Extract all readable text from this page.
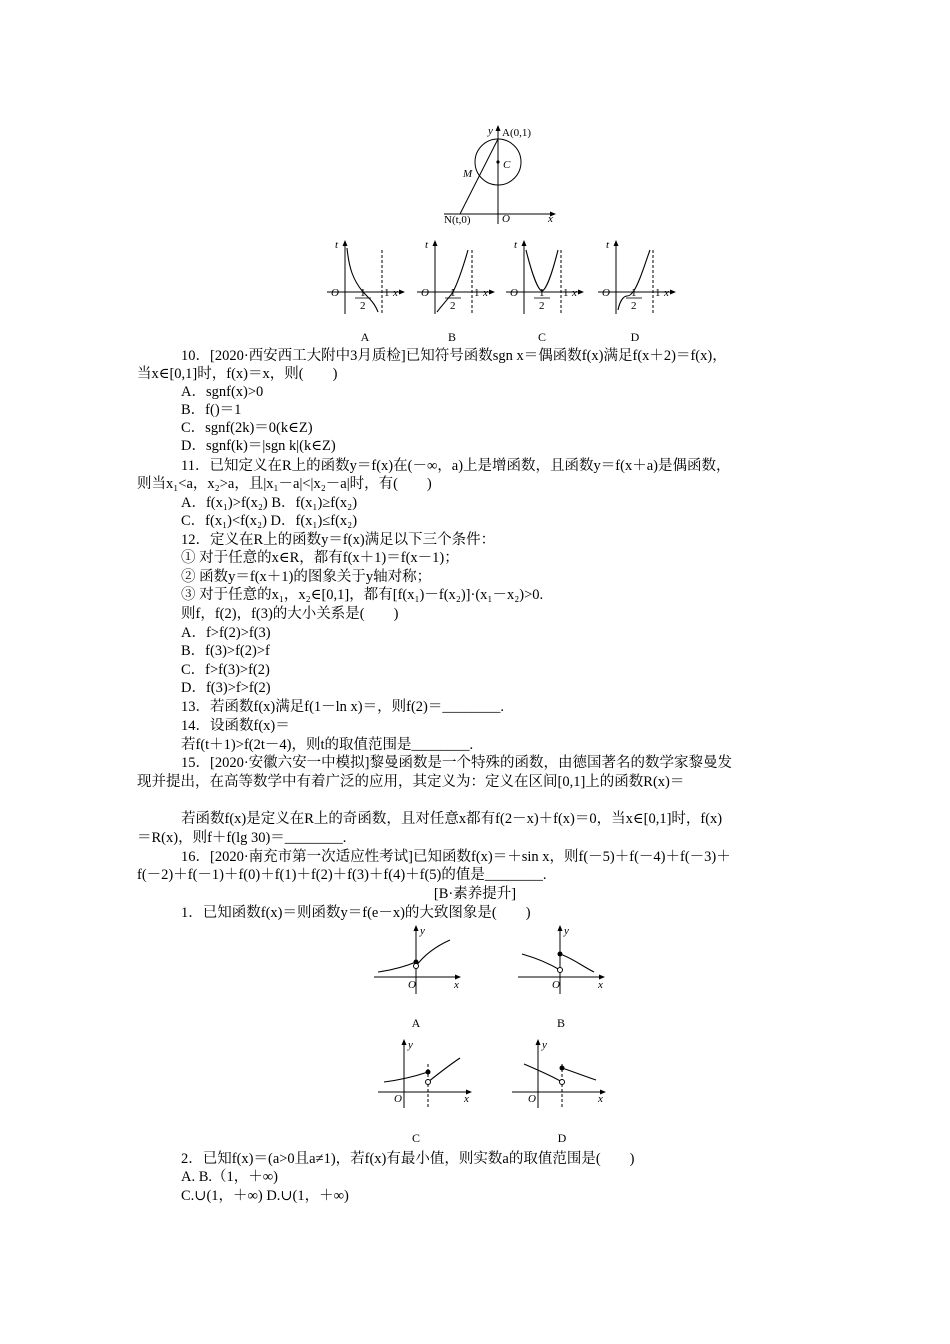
y A(0,1)
C
M
N(t,0)	O	x
t
O 1
2
1 x
A
t
O 1
2
1 x
B
t
O 1
2
1 x
C
t
O 1
2
1 x
D
10．[2020·西安西工大附中3月质检]已知符号函数sgn x＝偶函数f(x)满足f(x＋2)＝f(x)，
当x∈[0,1]时，f(x)＝x，则(　　)
A．sgnf(x)>0
B．f()＝1
C．sgnf(2k)＝0(k∈Z)
D．sgnf(k)＝|sgn k|(k∈Z)
11．已知定义在R上的函数y＝f(x)在(－∞，a)上是增函数，且函数y＝f(x＋a)是偶函数，
则当x₁<a，x₂>a，且|x₁－a|<|x₂－a|时，有(　　)
A．f(x₁)>f(x₂) B．f(x₁)≥f(x₂)
C．f(x₁)<f(x₂) D．f(x₁)≤f(x₂)
12．定义在R上的函数y＝f(x)满足以下三个条件：
① 对于任意的x∈R，都有f(x＋1)＝f(x－1)；
② 函数y＝f(x＋1)的图象关于y轴对称；
③ 对于任意的x₁，x₂∈[0,1]，都有[f(x₁)－f(x₂)]·(x₁－x₂)>0.
则f，f(2)，f(3)的大小关系是(　　)
A．f>f(2)>f(3)
B．f(3)>f(2)>f
C．f>f(3)>f(2)
D．f(3)>f>f(2)
13．若函数f(x)满足f(1－ln x)＝，则f(2)＝________.
14．设函数f(x)＝
若f(t＋1)>f(2t－4)，则t的取值范围是________.
15．[2020·安徽六安一中模拟]黎曼函数是一个特殊的函数，由德国著名的数学家黎曼发
现并提出，在高等数学中有着广泛的应用，其定义为：定义在区间[0,1]上的函数R(x)＝
若函数f(x)是定义在R上的奇函数，且对任意x都有f(2－x)＋f(x)＝0，当x∈[0,1]时，f(x)
＝R(x)，则f＋f(lg 30)＝________.
16．[2020·南充市第一次适应性考试]已知函数f(x)＝＋sin x，则f(－5)＋f(－4)＋f(－3)＋
f(－2)＋f(－1)＋f(0)＋f(1)＋f(2)＋f(3)＋f(4)＋f(5)的值是________.
[B·素养提升]
1．已知函数f(x)＝则函数y＝f(e－x)的大致图象是(　　)
y
O	x
A
y
O	x
B
y
O	x
C
y
O	x
D
2．已知f(x)＝(a>0且a≠1)，若f(x)有最小值，则实数a的取值范围是(　　)
A. B.（1，＋∞)
C.∪(1，＋∞) D.∪(1，＋∞)
